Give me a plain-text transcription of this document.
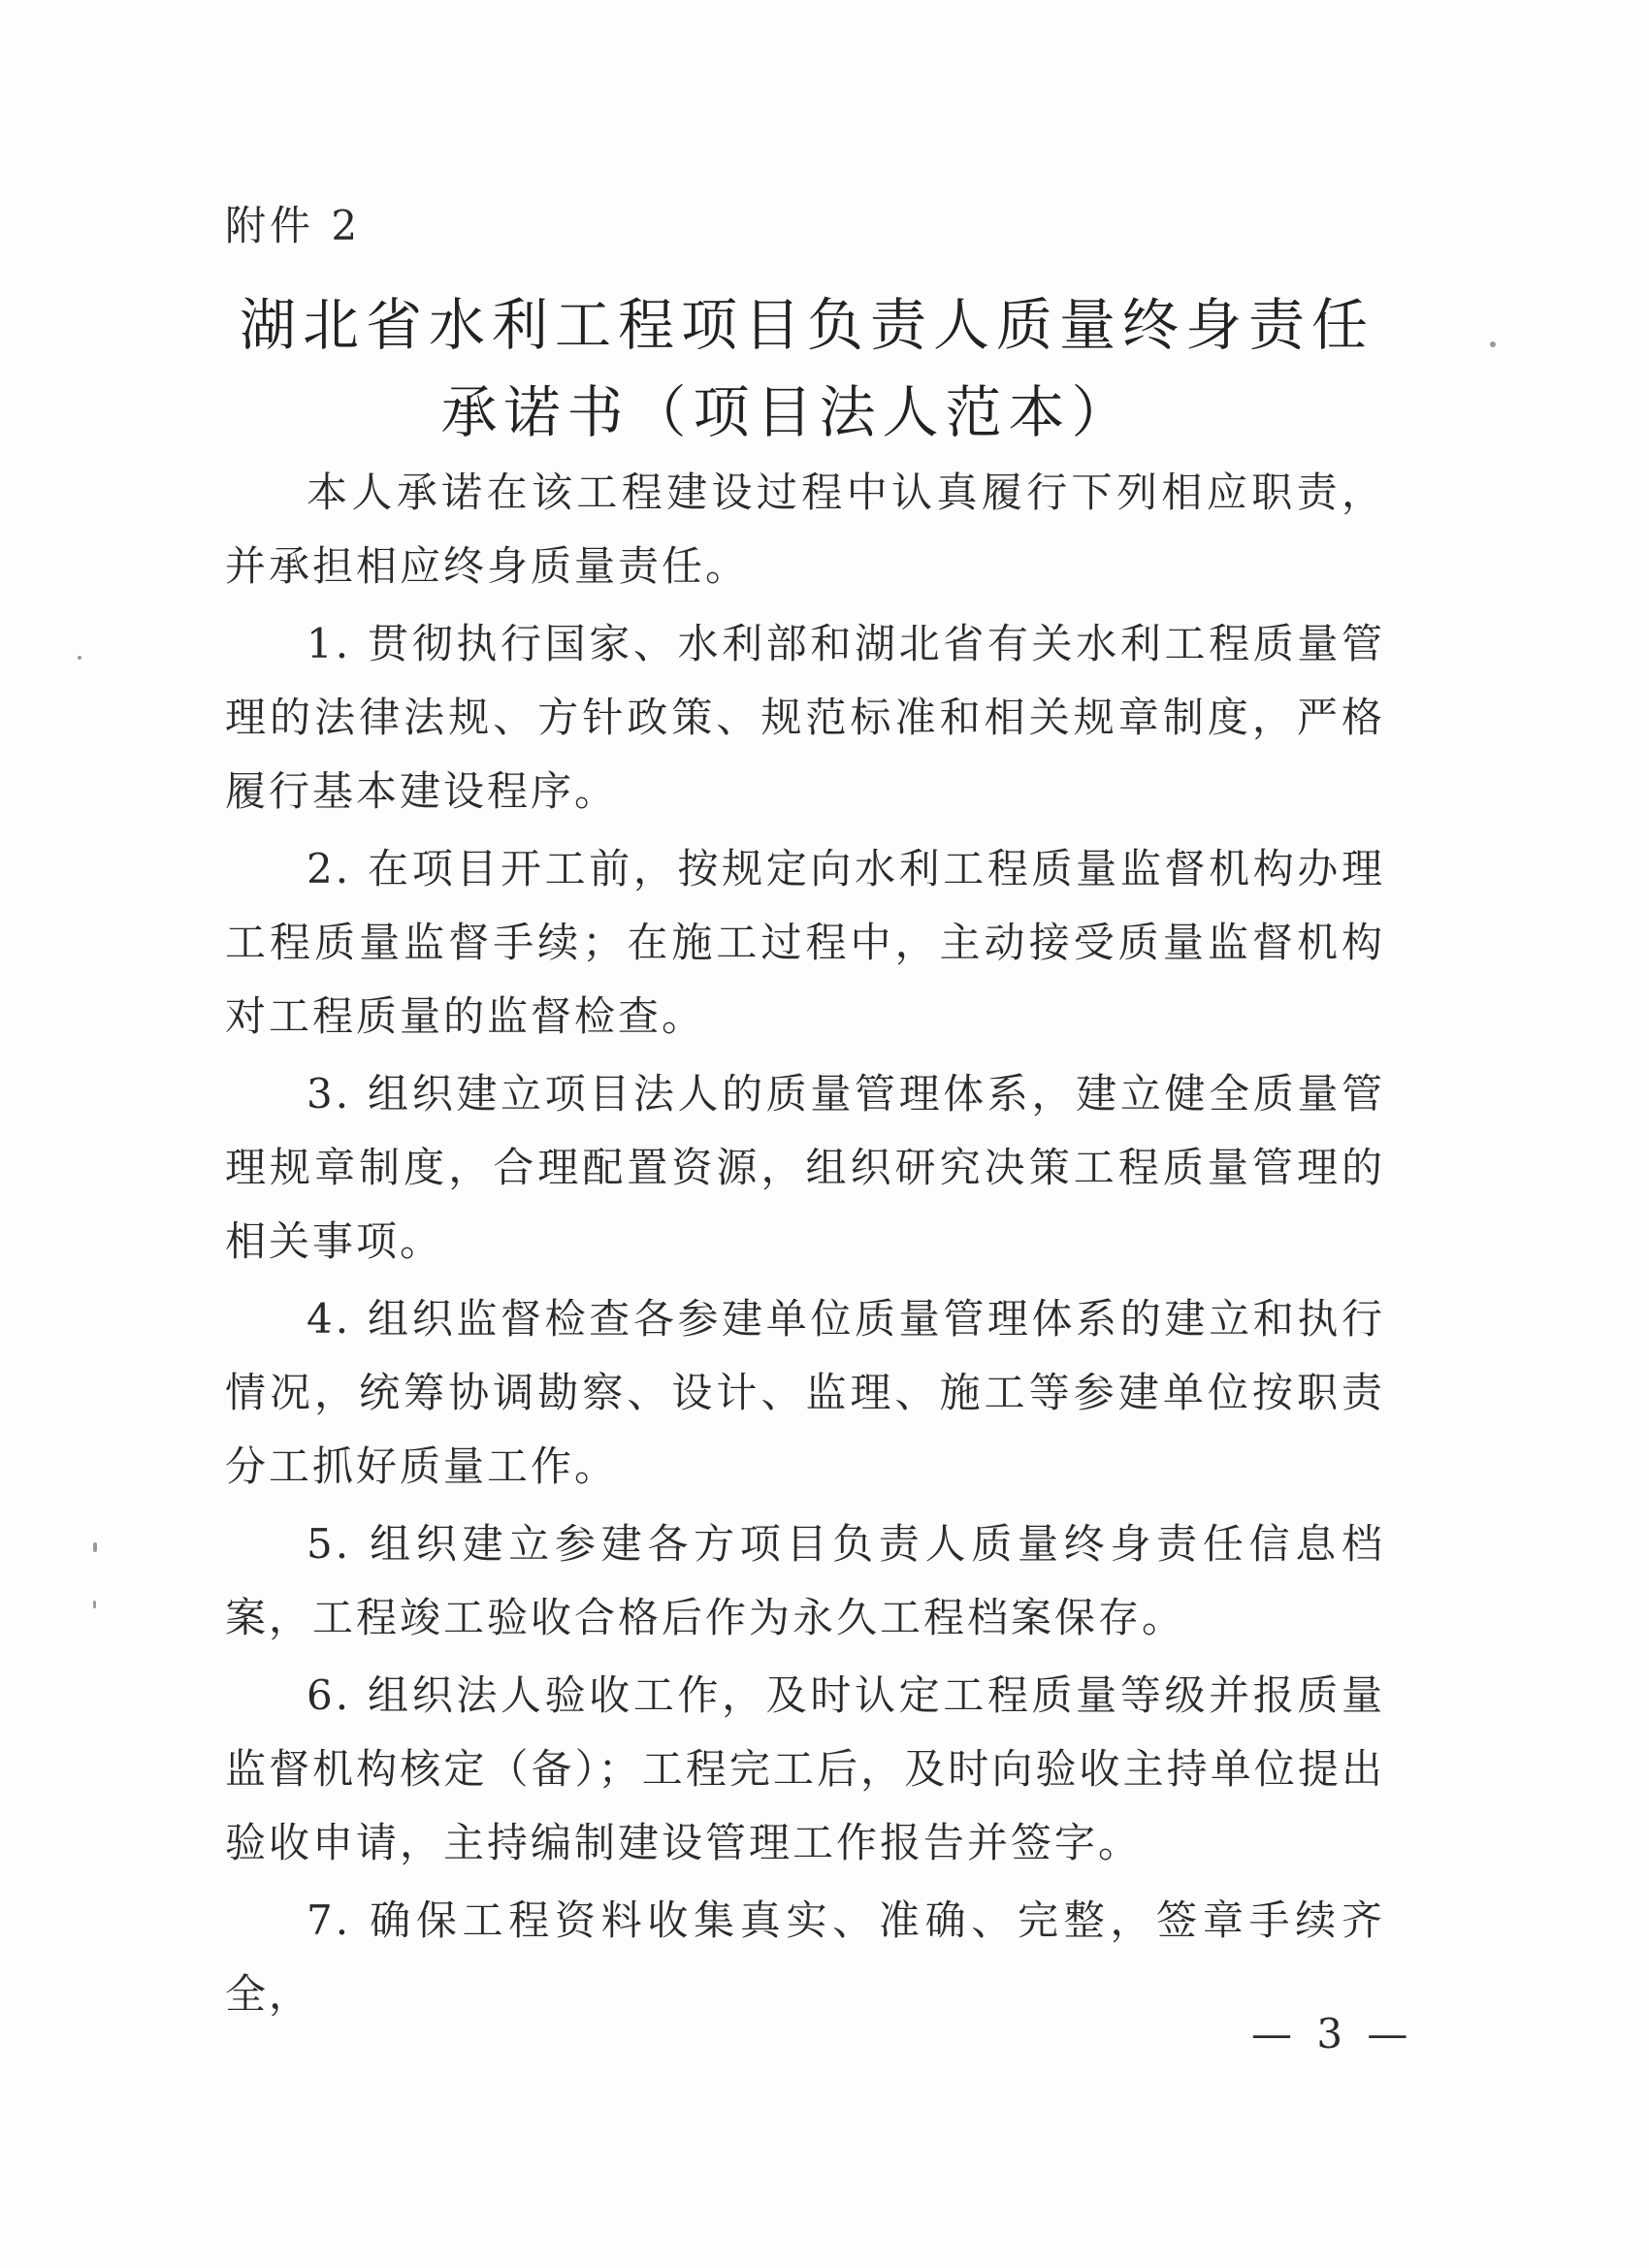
附件 2
湖北省水利工程项目负责人质量终身责任
承诺书（项目法人范本）

本人承诺在该工程建设过程中认真履行下列相应职责，并承担相应终身质量责任。

1. 贯彻执行国家、水利部和湖北省有关水利工程质量管理的法律法规、方针政策、规范标准和相关规章制度，严格履行基本建设程序。

2. 在项目开工前，按规定向水利工程质量监督机构办理工程质量监督手续；在施工过程中，主动接受质量监督机构对工程质量的监督检查。

3. 组织建立项目法人的质量管理体系，建立健全质量管理规章制度，合理配置资源，组织研究决策工程质量管理的相关事项。

4. 组织监督检查各参建单位质量管理体系的建立和执行情况，统筹协调勘察、设计、监理、施工等参建单位按职责分工抓好质量工作。

5. 组织建立参建各方项目负责人质量终身责任信息档案，工程竣工验收合格后作为永久工程档案保存。

6. 组织法人验收工作，及时认定工程质量等级并报质量监督机构核定（备）；工程完工后，及时向验收主持单位提出验收申请，主持编制建设管理工作报告并签字。

7. 确保工程资料收集真实、准确、完整，签章手续齐全，

— 3 —
